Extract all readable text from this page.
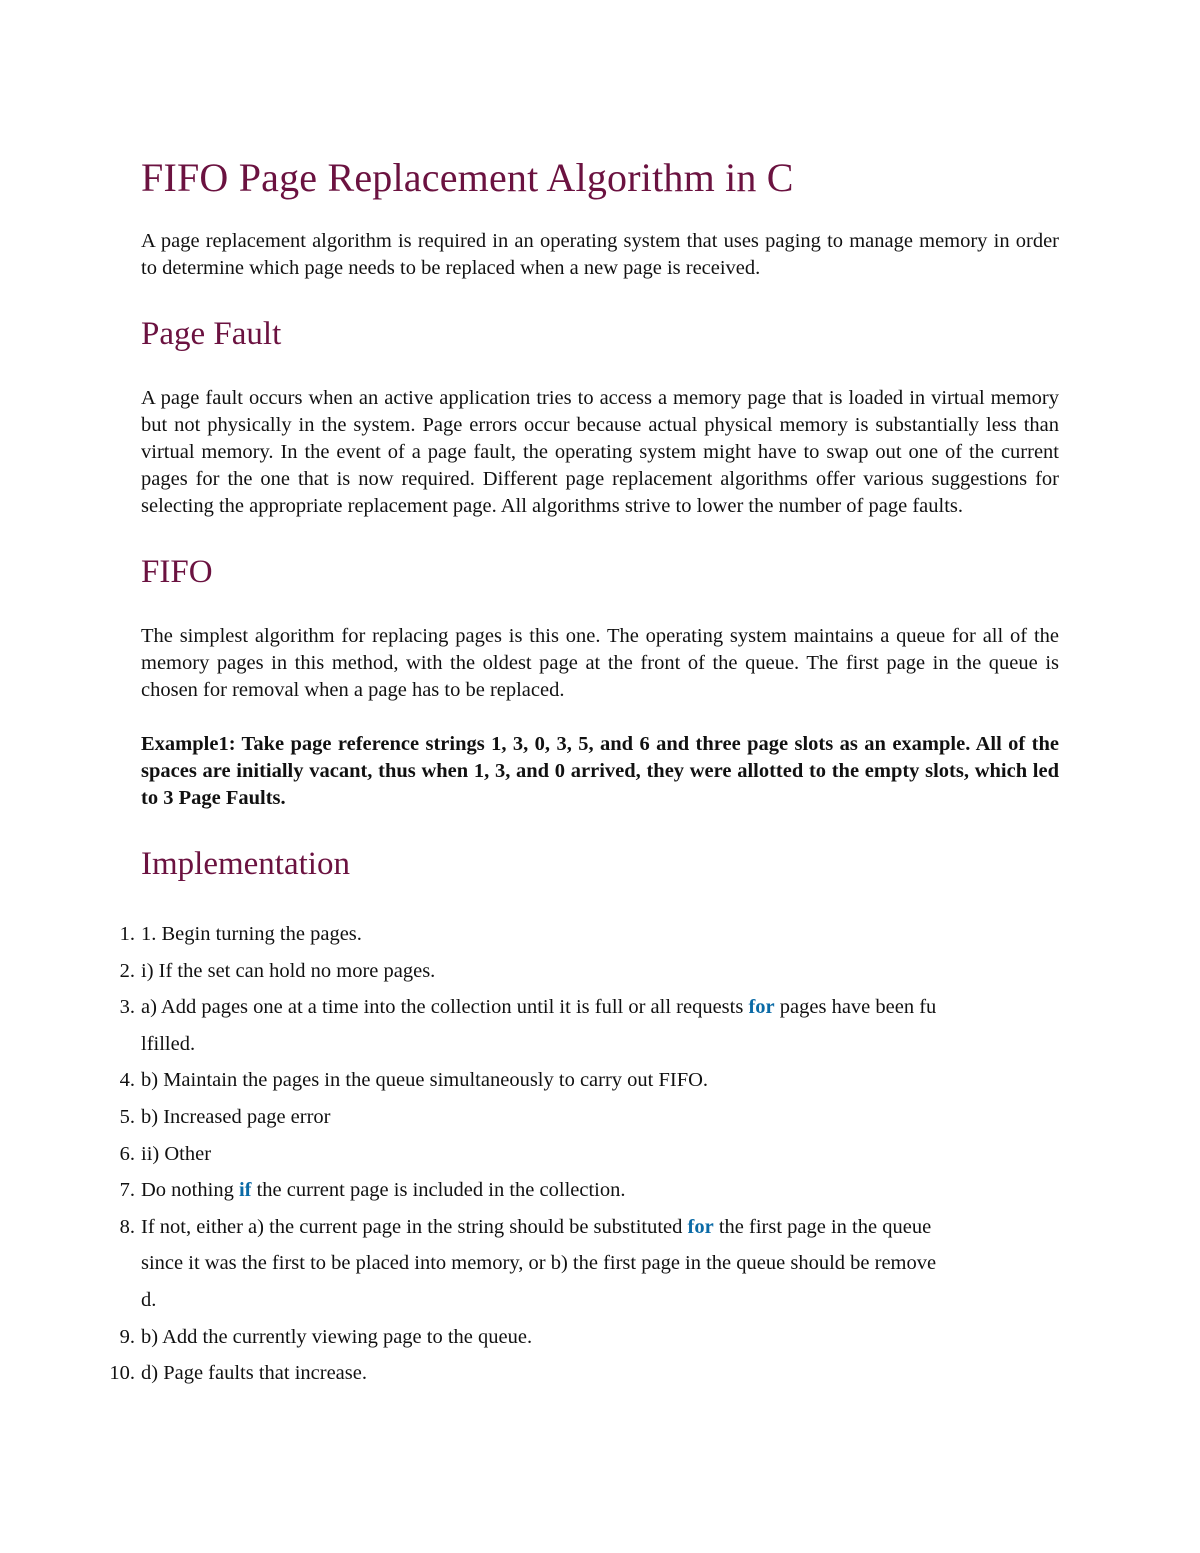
FIFO Page Replacement Algorithm in C

A page replacement algorithm is required in an operating system that uses paging to manage memory in order to determine which page needs to be replaced when a new page is received.

Page Fault

A page fault occurs when an active application tries to access a memory page that is loaded in virtual memory but not physically in the system. Page errors occur because actual physical memory is substantially less than virtual memory. In the event of a page fault, the operating system might have to swap out one of the current pages for the one that is now required. Different page replacement algorithms offer various suggestions for selecting the appropriate replacement page. All algorithms strive to lower the number of page faults.

FIFO

The simplest algorithm for replacing pages is this one. The operating system maintains a queue for all of the memory pages in this method, with the oldest page at the front of the queue. The first page in the queue is chosen for removal when a page has to be replaced.

Example1: Take page reference strings 1, 3, 0, 3, 5, and 6 and three page slots as an example. All of the spaces are initially vacant, thus when 1, 3, and 0 arrived, they were allotted to the empty slots, which led to 3 Page Faults.

Implementation
1. 1. Begin turning the pages.
2. i) If the set can hold no more pages.
3. a) Add pages one at a time into the collection until it is full or all requests for pages have been fu
lfilled.
4. b) Maintain the pages in the queue simultaneously to carry out FIFO.
5. b) Increased page error
6. ii) Other
7. Do nothing if the current page is included in the collection.
8. If not, either a) the current page in the string should be substituted for the first page in the queue
since it was the first to be placed into memory, or b) the first page in the queue should be remove
d.
9. b) Add the currently viewing page to the queue.
10. d) Page faults that increase.
